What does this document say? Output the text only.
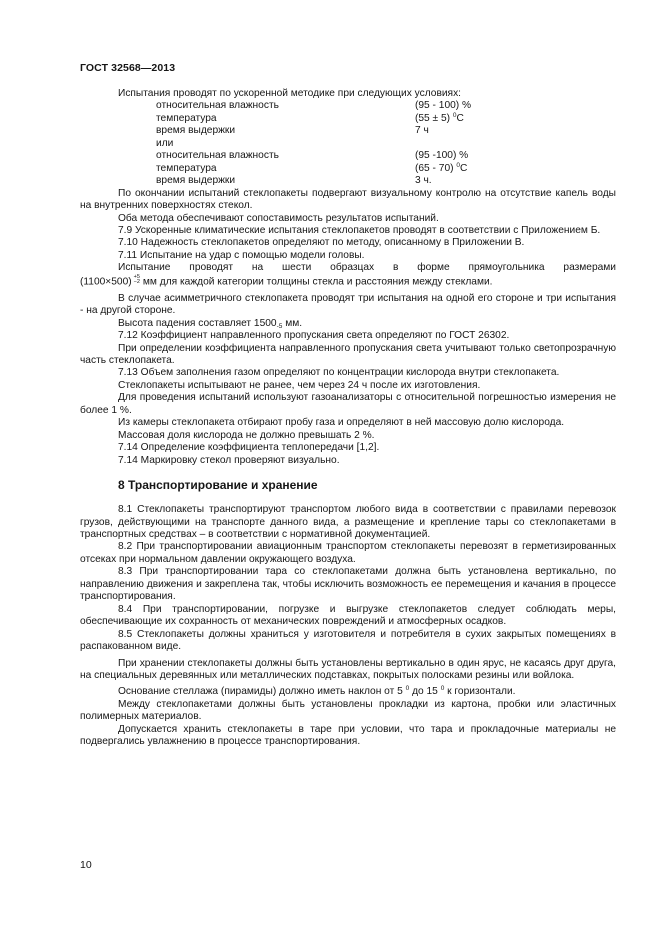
ГОСТ 32568—2013

Испытания проводят по ускоренной методике при следующих условиях:

относительная влажность	(95 - 100) %
температура	(55 ± 5) $^0$С
время выдержки	7 ч
или
относительная влажность	(95 -100) %
температура	(65 - 70) $^0$С
время выдержки	3 ч.

По окончании испытаний стеклопакеты подвергают визуальному контролю на отсутствие капель воды на внутренних поверхностях стекол.

Оба метода обеспечивают сопоставимость результатов испытаний.

7.9 Ускоренные климатические испытания стеклопакетов проводят в соответствии с Приложением Б.

7.10 Надежность стеклопакетов определяют по методу, описанному в Приложении В.

7.11 Испытание на удар с помощью модели головы.

Испытание проводят на шести образцах в форме прямоугольника размерами

(1100×500) +5
−2 мм для каждой категории толщины стекла и расстояния между стеклами.

В случае асимметричного стеклопакета проводят три испытания на одной его стороне и три испытания - на другой стороне.

Высота падения составляет $1500_{-5}$ мм.

7.12 Коэффициент направленного пропускания света определяют по ГОСТ 26302.

При определении коэффициента направленного пропускания света учитывают только светопрозрачную часть стеклопакета.

7.13 Объем заполнения газом определяют по концентрации кислорода внутри стеклопакета.

Стеклопакеты испытывают не ранее, чем через 24 ч после их изготовления.

Для проведения испытаний используют газоанализаторы с относительной погрешностью измерения не более 1 %.

Из камеры стеклопакета отбирают пробу газа и определяют в ней массовую долю кислорода.

Массовая доля кислорода не должно превышать 2 %.

7.14 Определение коэффициента теплопередачи [1,2].

7.14 Маркировку стекол проверяют визуально.

8 Транспортирование и хранение

8.1 Стеклопакеты транспортируют транспортом любого вида в соответствии с правилами перевозок грузов, действующими на транспорте данного вида, а размещение и крепление тары со стеклопакетами в транспортных средствах – в соответствии с нормативной документацией.

8.2 При транспортировании авиационным транспортом стеклопакеты перевозят в герметизированных отсеках при нормальном давлении окружающего воздуха.

8.3 При транспортировании тара со стеклопакетами должна быть установлена вертикально, по направлению движения и закреплена так, чтобы исключить возможность ее перемещения и качания в процессе транспортирования.

8.4 При транспортировании, погрузке и выгрузке стеклопакетов следует соблюдать меры, обеспечивающие их сохранность от механических повреждений и атмосферных осадков.

8.5 Стеклопакеты должны храниться у изготовителя и потребителя в сухих закрытых помещениях в распакованном виде.

При хранении стеклопакеты должны быть установлены вертикально в один ярус, не касаясь друг друга, на специальных деревянных или металлических подставках, покрытых полосками резины или войлока.

Основание стеллажа (пирамиды) должно иметь наклон от 5 $^0$ до 15 $^0$ к горизонтали.

Между стеклопакетами должны быть установлены прокладки из картона, пробки или эластичных полимерных материалов.

Допускается хранить стеклопакеты в таре при условии, что тара и прокладочные материалы не подвергались увлажнению в процессе транспортирования.

10
